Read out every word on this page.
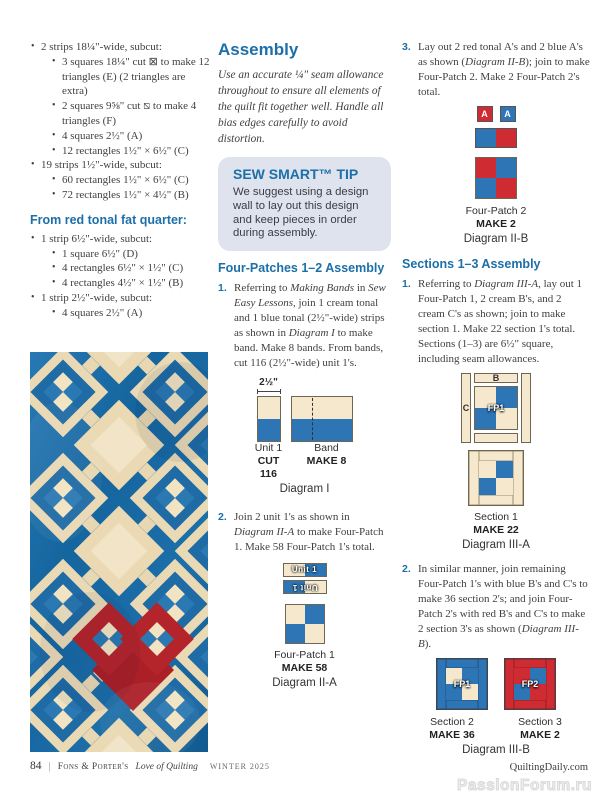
• 2 strips 18¼"-wide, subcut:
• 3 squares 18¼" cut ⊠ to make 12 triangles (E) (2 triangles are extra)
• 2 squares 9⅝" cut ⧅ to make 4 triangles (F)
• 4 squares 2½" (A)
• 12 rectangles 1½" × 6½" (C)
• 19 strips 1½"-wide, subcut:
• 60 rectangles 1½" × 6½" (C)
• 72 rectangles 1½" × 4½" (B)
From red tonal fat quarter:
• 1 strip 6½"-wide, subcut:
• 1 square 6½" (D)
• 4 rectangles 6½" × 1½" (C)
• 4 rectangles 4½" × 1½" (B)
• 1 strip 2½"-wide, subcut:
• 4 squares 2½" (A)
Assembly

Use an accurate ¼" seam allowance throughout to ensure all elements of the quilt fit together well. Handle all bias edges carefully to avoid distortion.

SEW SMART™ TIP

We suggest using a design wall to lay out this design and keep pieces in order during assembly.

Four-Patches 1–2 Assembly
1. Referring to Making Bands in Sew Easy Lessons, join 1 cream tonal and 1 blue tonal (2½"-wide) strips as shown in Diagram I to make band. Make 8 bands. From bands, cut 116 (2½"-wide) unit 1's.
2½"
Unit 1	Band
CUT 116
MAKE 8
Diagram I
2. Join 2 unit 1's as shown in Diagram II-A to make Four-Patch 1. Make 58 Four-Patch 1's total.
Unit 1
Unit 1
Four-Patch 1
MAKE 58
Diagram II-A
3. Lay out 2 red tonal A's and 2 blue A's as shown (Diagram II-B); join to make Four-Patch 2. Make 2 Four-Patch 2's total.
A	A
Four-Patch 2
MAKE 2
Diagram II-B
Sections 1–3 Assembly
1. Referring to Diagram III-A, lay out 1 Four-Patch 1, 2 cream B's, and 2 cream C's as shown; join to make section 1. Make 22 section 1's total. Sections (1–3) are 6½" square, including seam allowances.
B
C	FP1
Section 1
MAKE 22
Diagram III-A
2. In similar manner, join remaining Four-Patch 1's with blue B's and C's to make 36 section 2's; and join Four-Patch 2's with red B's and C's to make 2 section 3's as shown (Diagram III-B).
FP1	FP2
Section 2
MAKE 36
Section 3
MAKE 2
Diagram III-B
84 | Fons & Porter's Love of Quilting WINTER 2025	QuiltingDaily.com
PassionForum.ru
